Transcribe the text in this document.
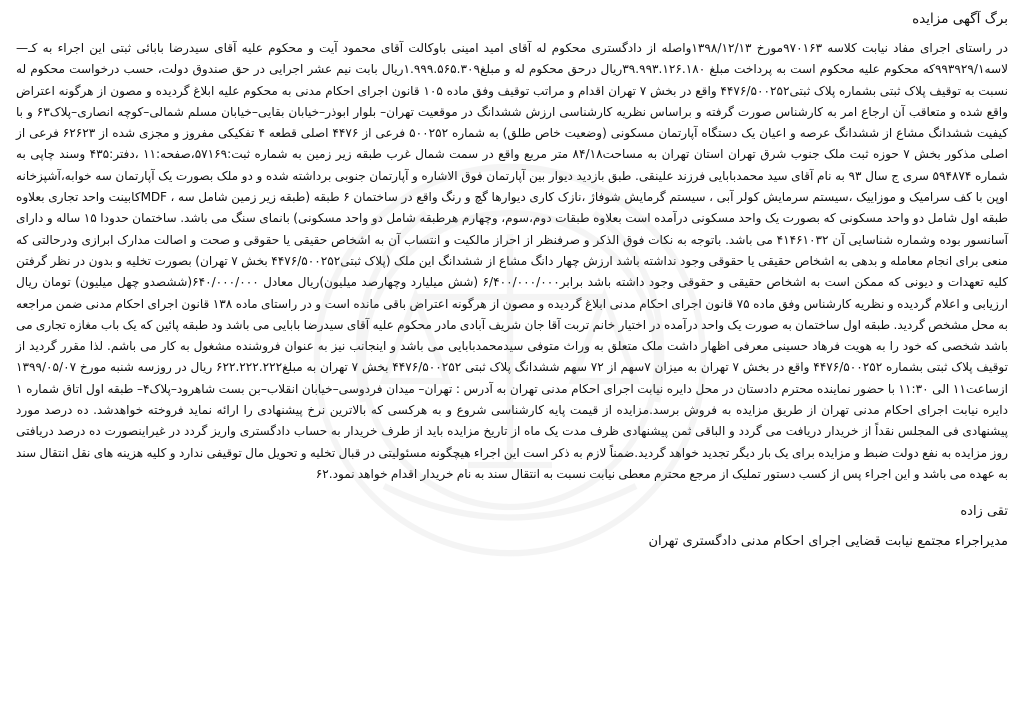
برگ آگهی مزایده

در راستای اجرای مفاد نیابت کلاسه ۹۷۰۱۶۳مورخ ۱۳۹۸/۱۲/۱۳واصله از دادگستری محکوم له آقای امید امینی باوکالت آقای محمود آیت و محکوم علیه آقای سیدرضا بابائی ثبتی این اجراء به کـ—لاسه۹۹۳۹۲۹/۱که محکوم علیه محکوم است به پرداخت مبلغ ۳۹.۹۹۳.۱۲۶.۱۸۰ریال درحق محکوم له و مبلغ۱.۹۹۹.۵۶۵.۳۰۹ریال بابت نیم عشر اجرایی در حق صندوق دولت، حسب درخواست محکوم له نسبت به توقیف پلاک ثبتی بشماره پلاک ثبتی۴۴۷۶/۵۰۰۲۵۲ واقع در بخش ۷ تهران اقدام و مراتب توقیف وفق ماده ۱۰۵ قانون اجرای احکام مدنی به محکوم علیه ابلاغ گردیده و مصون از هرگونه اعتراض واقع شده و متعاقب آن ارجاع امر به کارشناس صورت گرفته و براساس نظریه کارشناسی ارزش ششدانگ در موقعیت تهران– بلوار ابوذر–خیابان بقایی–خیابان مسلم شمالی–کوچه انصاری–پلاک۶۳ و با کیفیت ششدانگ مشاع از ششدانگ عرصه و اعیان یک دستگاه آپارتمان مسکونی (وضعیت خاص طلق) به شماره ۵۰۰۲۵۲ فرعی از ۴۴۷۶ اصلی قطعه ۴ تفکیکی مفروز و مجزی شده از ۶۲۶۲۳ فرعی از اصلی مذکور بخش ۷ حوزه ثبت ملک جنوب شرق تهران استان تهران به مساحت۸۴/۱۸ متر مربع واقع در سمت شمال غرب طبقه زیر زمین به شماره ثبت:۵۷۱۶۹،صفحه:۱۱ ،دفتر:۴۳۵ وسند چاپی به شماره ۵۹۴۸۷۴ سری ج سال ۹۳ به نام آقای سید محمدبابایی فرزند علینقی. طبق بازدید دیوار بین آپارتمان فوق الاشاره و آپارتمان جنوبی برداشته شده و دو ملک بصورت یک آپارتمان سه خوابه،آشپزخانه اوپن با کف سرامیک و موزاییک ،سیستم سرمایش کولر آبی ، سیستم گرمایش شوفاژ ،نازک کاری دیوارها گچ و رنگ واقع در ساختمان ۶ طبقه (طبقه زیر زمین شامل سه ، MDFکابینت واحد تجاری بعلاوه طبقه اول شامل دو واحد مسکونی که بصورت یک واحد مسکونی درآمده است بعلاوه طبقات دوم،سوم، وچهارم هرطبقه شامل دو واحد مسکونی) بانمای سنگ می باشد. ساختمان حدودا ۱۵ ساله و دارای آسانسور بوده وشماره شناسایی آن ۴۱۴۶۱۰۳۲ می باشد. باتوجه به نکات فوق الذکر و صرفنظر از احراز مالکیت و انتساب آن به اشخاص حقیقی یا حقوقی و صحت و اصالت مدارک ابرازی ودرحالتی که منعی برای انجام معامله و بدهی به اشخاص حقیقی یا حقوقی وجود نداشته باشد ارزش چهار دانگ مشاع از ششدانگ این ملک (پلاک ثبتی۴۴۷۶/۵۰۰۲۵۲ بخش ۷ تهران) بصورت تخلیه و بدون در نظر گرفتن کلیه تعهدات و دیونی که ممکن است به اشخاص حقیقی و حقوقی وجود داشته باشد برابر۶/۴۰۰/۰۰۰/۰۰۰ (شش میلیارد وچهارصد میلیون)ریال معادل ۶۴۰/۰۰۰/۰۰۰(ششصدو چهل میلیون) تومان ریال ارزیابی و اعلام گردیده و نظریه کارشناس وفق ماده ۷۵ قانون اجرای احکام مدنی ابلاغ گردیده و مصون از هرگونه اعتراض باقی مانده است و در راستای ماده ۱۳۸ قانون اجرای احکام مدنی ضمن مراجعه به محل مشخص گردید. طبقه اول ساختمان به صورت یک واحد درآمده در اختیار خانم تربت آقا جان شریف آبادی مادر محکوم علیه آقای سیدرضا بابایی می باشد ود طبقه پائین که یک باب مغازه تجاری می باشد شخصی که خود را به هویت فرهاد حسینی معرفی اظهار داشت ملک متعلق به وراث متوفی سیدمحمدبابایی می باشد و اینجانب نیز به عنوان فروشنده مشغول به کار می باشم. لذا مقرر گردید از توقیف پلاک ثبتی بشماره ۴۴۷۶/۵۰۰۲۵۲ واقع در بخش ۷ تهران به میزان ۷سهم از ۷۲ سهم ششدانگ پلاک ثبتی ۴۴۷۶/۵۰۰۲۵۲ بخش ۷ تهران به مبلغ۶۲۲.۲۲۲.۲۲۲ ریال در روزسه شنبه مورخ ۱۳۹۹/۰۵/۰۷ ازساعت۱۱ الی ۱۱:۳۰ با حضور نماینده محترم دادستان در محل دایره نیابت اجرای احکام مدنی تهران به آدرس : تهران– میدان فردوسی–خیابان انقلاب–بن بست شاهرود–پلاک۴– طبقه اول اتاق شماره ۱ دایره نیابت اجرای احکام مدنی تهران از طریق مزایده به فروش برسد.مزایده از قیمت پایه کارشناسی شروع و به هرکسی که بالاترین نرخ پیشنهادی را ارائه نماید فروخته خواهدشد. ده درصد مورد پیشنهادی فی المجلس نقداً از خریدار دریافت می گردد و الباقی ثمن پیشنهادی ظرف مدت یک ماه از تاریخ مزایده باید از طرف خریدار به حساب دادگستری واریز گردد در غیراینصورت ده درصد دریافتی روز مزایده به نفع دولت ضبط و مزایده برای یک بار دیگر تجدید خواهد گردید.ضمناً لازم به ذکر است این اجراء هیچگونه مسئولیتی در قبال تخلیه و تحویل مال توقیفی ندارد و کلیه هزینه های نقل انتقال سند به عهده می باشد و این اجراء پس از کسب دستور تملیک از مرجع محترم معطی نیابت نسبت به انتقال سند به نام خریدار اقدام خواهد نمود.۶۲

تقی زاده
مدیراجراء مجتمع نیابت قضایی اجرای احکام مدنی دادگستری تهران
